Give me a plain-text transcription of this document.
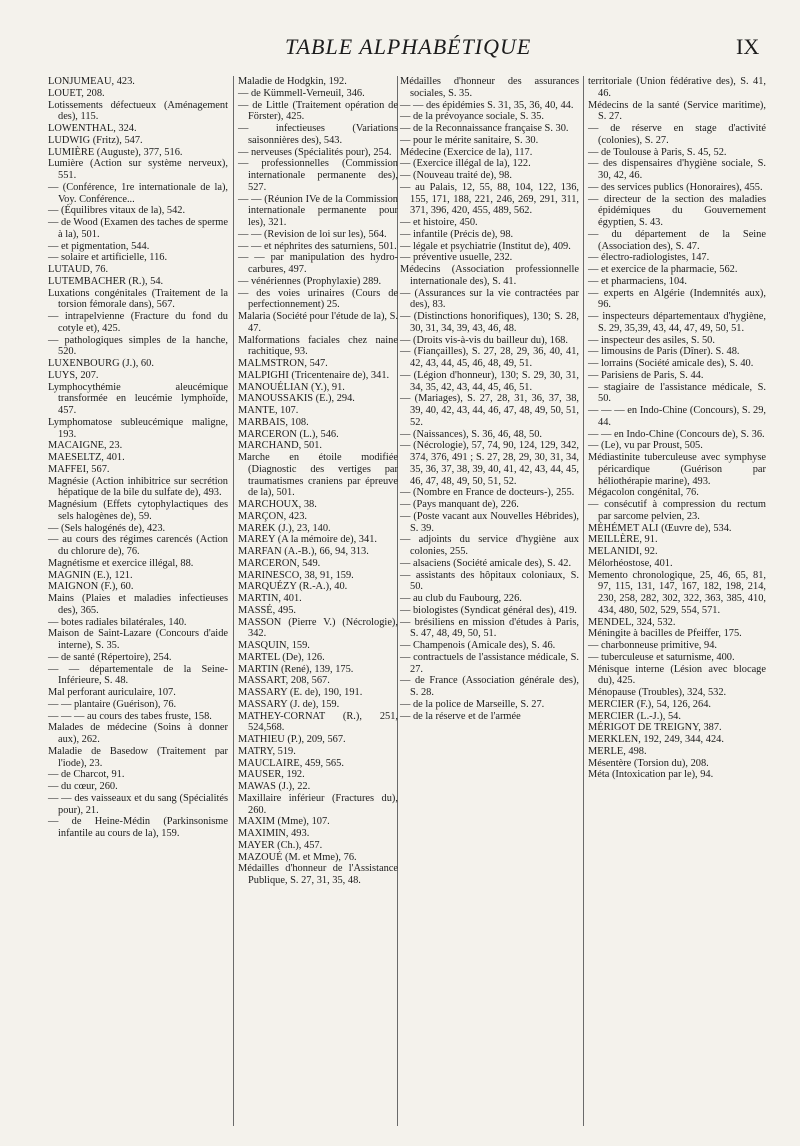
TABLE ALPHABÉTIQUE	IX

LONJUMEAU, 423.

LOUET, 208.

Lotissements défectueux (Aménagement des), 115.

LOWENTHAL, 324.

LUDWIG (Fritz), 547.

LUMIÈRE (Auguste), 377, 516.

Lumière (Action sur système nerveux), 551.

— (Conférence, 1re internationale de la), Voy. Conférence...

— (Équilibres vitaux de la), 542.

— de Wood (Examen des taches de sperme à la), 501.

— et pigmentation, 544.

— solaire et artificielle, 116.

LUTAUD, 76.

LUTEMBACHER (R.), 54.

Luxations congénitales (Traitement de la torsion fémorale dans), 567.

— intrapelvienne (Fracture du fond du cotyle et), 425.

— pathologiques simples de la hanche, 520.

LUXENBOURG (J.), 60.

LUYS, 207.

Lymphocythémie aleucémique transformée en leucémie lymphoïde, 457.

Lymphomatose subleucémique maligne, 193.

MACAIGNE, 23.

MAESELTZ, 401.

MAFFEI, 567.

Magnésie (Action inhibitrice sur secrétion hépatique de la bile du sulfate de), 493.

Magnésium (Effets cytophylactiques des sels halogènes de), 59.

— (Sels halogénés de), 423.

— au cours des régimes carencés (Action du chlorure de), 76.

Magnétisme et exercice illégal, 88.

MAGNIN (E.), 121.

MAIGNON (F.), 60.

Mains (Plaies et maladies infectieuses des), 365.

— botes radiales bilatérales, 140.

Maison de Saint-Lazare (Concours d'aide interne), S. 35.

— de santé (Répertoire), 254.

— — départementale de la Seine-Inférieure, S. 48.

Mal perforant auriculaire, 107.

— — plantaire (Guérison), 76.

— — — au cours des tabes fruste, 158.

Malades de médecine (Soins à donner aux), 262.

Maladie de Basedow (Traitement par l'iode), 23.

— de Charcot, 91.

— du cœur, 260.

— — des vaisseaux et du sang (Spécialités pour), 21.

— de Heine-Médin (Parkinsonisme infantile au cours de la), 159.

Maladie de Hodgkin, 192.

— de Kümmell-Verneuil, 346.

— de Little (Traitement opération de Förster), 425.

— infectieuses (Variations saisonnières des), 543.

— nerveuses (Spécialités pour), 254.

— professionnelles (Commission internationale permanente des), 527.

— — (Réunion IVe de la Commission internationale permanente pour les), 321.

— — (Revision de loi sur les), 564.

— — et néphrites des saturniens, 501.

— — par manipulation des hydro-carbures, 497.

— vénériennes (Prophylaxie) 289.

— des voies urinaires (Cours de perfectionnement) 25.

Malaria (Société pour l'étude de la), S. 47.

Malformations faciales chez naine rachitique, 93.

MALMSTRON, 547.

MALPIGHI (Tricentenaire de), 341.

MANOUÉLIAN (Y.), 91.

MANOUSSAKIS (E.), 294.

MANTE, 107.

MARBAIS, 108.

MARCERON (L.), 546.

MARCHAND, 501.

Marche en étoile modifiée (Diagnostic des vertiges par traumatismes craniens par épreuve de la), 501.

MARCHOUX, 38.

MARÇON, 423.

MAREK (J.), 23, 140.

MAREY (A la mémoire de), 341.

MARFAN (A.-B.), 66, 94, 313.

MARCERON, 549.

MARINESCO, 38, 91, 159.

MARQUÉZY (R.-A.), 40.

MARTIN, 401.

MASSÉ, 495.

MASSON (Pierre V.) (Nécrologie), 342.

MASQUIN, 159.

MARTEL (De), 126.

MARTIN (René), 139, 175.

MASSART, 208, 567.

MASSARY (E. de), 190, 191.

MASSARY (J. de), 159.

MATHEY-CORNAT (R.), 251, 524,568.

MATHIEU (P.), 209, 567.

MATRY, 519.

MAUCLAIRE, 459, 565.

MAUSER, 192.

MAWAS (J.), 22.

Maxillaire inférieur (Fractures du), 260.

MAXIM (Mme), 107.

MAXIMIN, 493.

MAYER (Ch.), 457.

MAZOUÉ (M. et Mme), 76.

Médailles d'honneur de l'Assistance Publique, S. 27, 31, 35, 48.

Médailles d'honneur des assurances sociales, S. 35.

— — des épidémies S. 31, 35, 36, 40, 44.

— de la prévoyance sociale, S. 35.

— de la Reconnaissance française S. 30.

— pour le mérite sanitaire, S. 30.

Médecine (Exercice de la), 117.

— (Exercice illégal de la), 122.

— (Nouveau traité de), 98.

— au Palais, 12, 55, 88, 104, 122, 136, 155, 171, 188, 221, 246, 269, 291, 311, 371, 396, 420, 455, 489, 562.

— et histoire, 450.

— infantile (Précis de), 98.

— légale et psychiatrie (Institut de), 409.

— préventive usuelle, 232.

Médecins (Association professionnelle internationale des), S. 41.

— (Assurances sur la vie contractées par des), 83.

— (Distinctions honorifiques), 130; S. 28, 30, 31, 34, 39, 43, 46, 48.

— (Droits vis-à-vis du bailleur du), 168.

— (Fiançailles), S. 27, 28, 29, 36, 40, 41, 42, 43, 44, 45, 46, 48, 49, 51.

— (Légion d'honneur), 130; S. 29, 30, 31, 34, 35, 42, 43, 44, 45, 46, 51.

— (Mariages), S. 27, 28, 31, 36, 37, 38, 39, 40, 42, 43, 44, 46, 47, 48, 49, 50, 51, 52.

— (Naissances), S. 36, 46, 48, 50.

— (Nécrologie), 57, 74, 90, 124, 129, 342, 374, 376, 491 ; S. 27, 28, 29, 30, 31, 34, 35, 36, 37, 38, 39, 40, 41, 42, 43, 44, 45, 46, 47, 48, 49, 50, 51, 52.

— (Nombre en France de docteurs-), 255.

— (Pays manquant de), 226.

— (Poste vacant aux Nouvelles Hébrides), S. 39.

— adjoints du service d'hygiène aux colonies, 255.

— alsaciens (Société amicale des), S. 42.

— assistants des hôpitaux coloniaux, S. 50.

— au club du Faubourg, 226.

— biologistes (Syndicat général des), 419.

— brésiliens en mission d'études à Paris, S. 47, 48, 49, 50, 51.

— Champenois (Amicale des), S. 46.

— contractuels de l'assistance médicale, S. 27.

— de France (Association générale des), S. 28.

— de la police de Marseille, S. 27.

— de la réserve et de l'armée

territoriale (Union fédérative des), S. 41, 46.

Médecins de la santé (Service maritime), S. 27.

— de réserve en stage d'activité (colonies), S. 27.

— de Toulouse à Paris, S. 45, 52.

— des dispensaires d'hygiène sociale, S. 30, 42, 46.

— des services publics (Honoraires), 455.

— directeur de la section des maladies épidémiques du Gouvernement égyptien, S. 43.

— du département de la Seine (Association des), S. 47.

— électro-radiologistes, 147.

— et exercice de la pharmacie, 562.

— et pharmaciens, 104.

— experts en Algérie (Indemnités aux), 96.

— inspecteurs départementaux d'hygiène, S. 29, 35,39, 43, 44, 47, 49, 50, 51.

— inspecteur des asiles, S. 50.

— limousins de Paris (Dîner). S. 48.

— lorrains (Société amicale des), S. 40.

— Parisiens de Paris, S. 44.

— stagiaire de l'assistance médicale, S. 50.

— — — en Indo-Chine (Concours), S. 29, 44.

— — en Indo-Chine (Concours de), S. 36.

— (Le), vu par Proust, 505.

Médiastinite tuberculeuse avec symphyse péricardique (Guérison par héliothérapie marine), 493.

Mégacolon congénital, 76.

— consécutif à compression du rectum par sarcome pelvien, 23.

MÉHÉMET ALI (Œuvre de), 534.

MEILLÈRE, 91.

MELANIDI, 92.

Mélorhéostose, 401.

Memento chronologique, 25, 46, 65, 81, 97, 115, 131, 147, 167, 182, 198, 214, 230, 258, 282, 302, 322, 363, 385, 410, 434, 480, 502, 529, 554, 571.

MENDEL, 324, 532.

Méningite à bacilles de Pfeiffer, 175.

— charbonneuse primitive, 94.

— tuberculeuse et saturnisme, 400.

Ménisque interne (Lésion avec blocage du), 425.

Ménopause (Troubles), 324, 532.

MERCIER (F.), 54, 126, 264.

MERCIER (L.-J.), 54.

MÉRIGOT DE TREIGNY, 387.

MERKLEN, 192, 249, 344, 424.

MERLE, 498.

Mésentère (Torsion du), 208.

Méta (Intoxication par le), 94.
